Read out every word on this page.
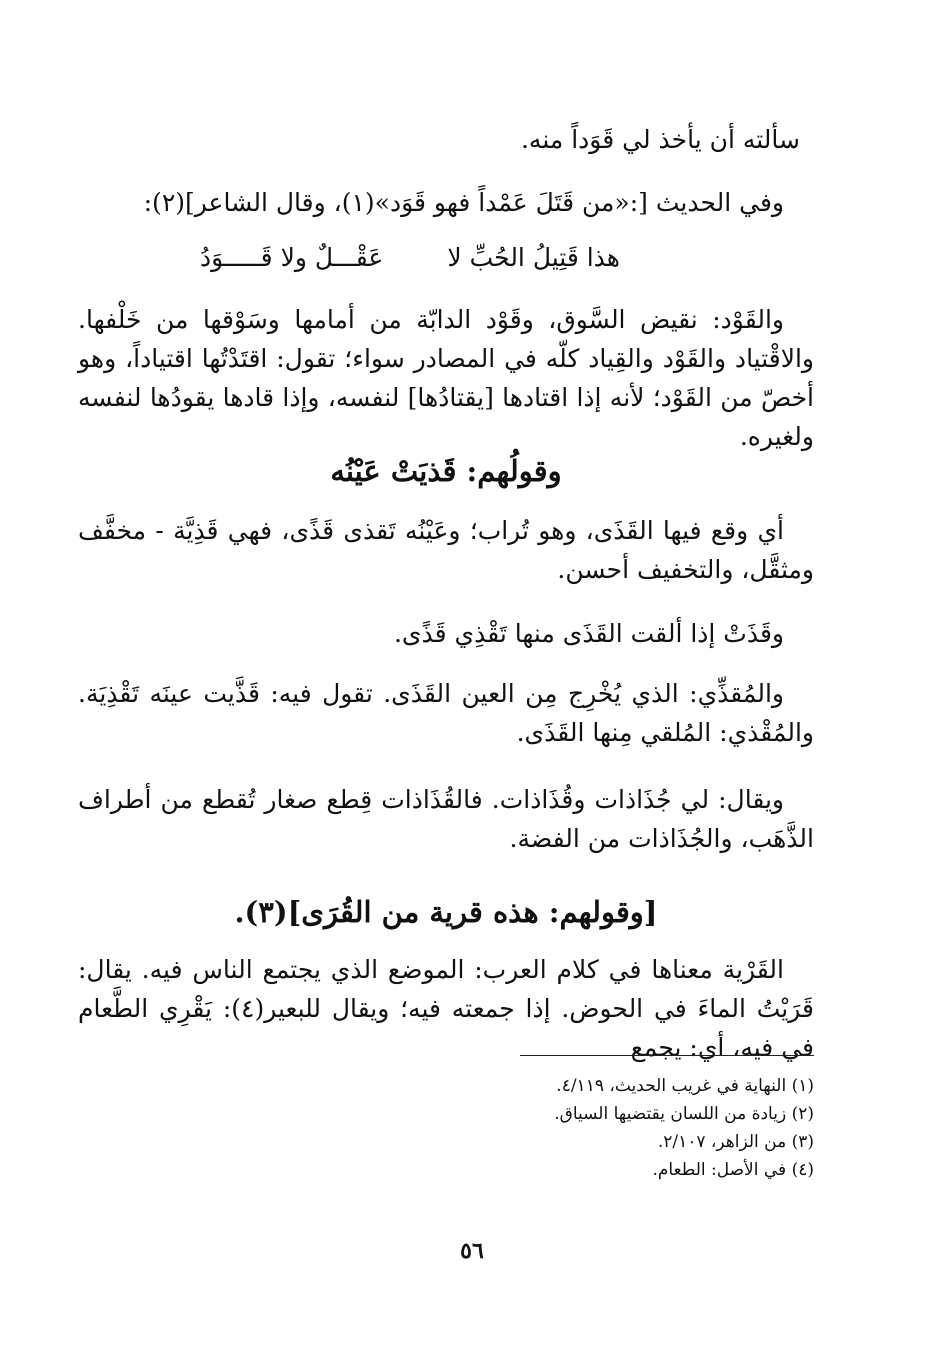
سألته أن يأخذ لي قَوَداً منه.

وفي الحديث [:«من قَتَلَ عَمْداً فهو قَوَد»(١)، وقال الشاعر](٢):

هذا قَتِيلُ الحُبِّ لا
عَقْـــلٌ ولا قَـــــوَدُ

والقَوْد: نقيض السَّوق، وقَوْد الدابّة من أمامها وسَوْقها من خَلْفها. والاقْتياد والقَوْد والقِياد كلّه في المصادر سواء؛ تقول: اقتَدْتُها اقتياداً، وهو أخصّ من القَوْد؛ لأنه إذا اقتادها [يقتادُها] لنفسه، وإذا قادها يقودُها لنفسه ولغيره.

وقولُهم: قَذيَتْ عَيْنُه

أي وقع فيها القَذَى، وهو تُراب؛ وعَيْنُه تَقذى قَذًى، فهي قَذِيَّة - مخفَّف ومثقَّل، والتخفيف أحسن.

وقَذَتْ إذا ألقت القَذَى منها تَقْذِي قَذًى.

والمُقذِّي: الذي يُخْرِج مِن العين القَذَى. تقول فيه: قَذَّيت عينَه تَقْذِيَة. والمُقْذي: المُلقي مِنها القَذَى.

ويقال: لي جُذَاذات وقُذَاذات. فالقُذَاذات قِطع صغار تُقطع من أطراف الذَّهَب، والجُذَاذات من الفضة.

[وقولهم: هذه قرية من القُرَى](٣).

القَرْية معناها في كلام العرب: الموضع الذي يجتمع الناس فيه. يقال: قَرَيْتُ الماءَ في الحوض. إذا جمعته فيه؛ ويقال للبعير(٤): يَقْرِي الطَّعام في فيه، أي: يجمع

(١) النهاية في غريب الحديث، ٤/١١٩.

(٢) زيادة من اللسان يقتضيها السياق.

(٣) من الزاهر، ٢/١٠٧.

(٤) في الأصل: الطعام.

٥٦
